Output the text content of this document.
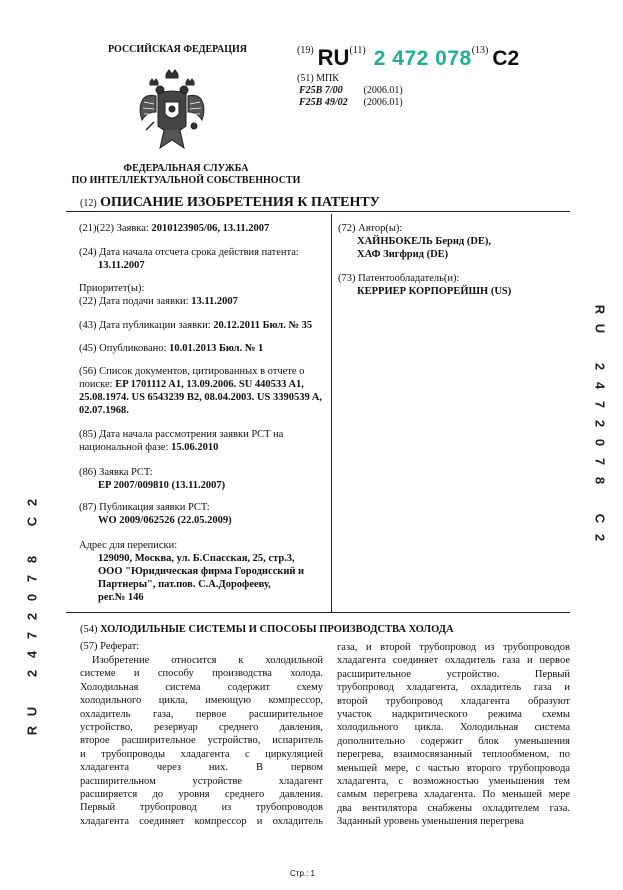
РОССИЙСКАЯ ФЕДЕРАЦИЯ
ФЕДЕРАЛЬНАЯ СЛУЖБА
ПО ИНТЕЛЛЕКТУАЛЬНОЙ СОБСТВЕННОСТИ
$^{(19)}$ RU$^{(11)}$ 2 472 078$^{(13)}$ C2
(51) МПК
F25B 7/00 (2006.01)
F25B 49/02 (2006.01)
(12) ОПИСАНИЕ ИЗОБРЕТЕНИЯ К ПАТЕНТУ
(21)(22) Заявка: 2010123905/06, 13.11.2007
(24) Дата начала отсчета срока действия патента:
13.11.2007
Приоритет(ы):
(22) Дата подачи заявки: 13.11.2007
(43) Дата публикации заявки: 20.12.2011 Бюл. № 35
(45) Опубликовано: 10.01.2013 Бюл. № 1
(56) Список документов, цитированных в отчете о поиске: EP 1701112 A1, 13.09.2006. SU 440533 A1, 25.08.1974. US 6543239 B2, 08.04.2003. US 3390539 A, 02.07.1968.
(85) Дата начала рассмотрения заявки PCT на национальной фазе: 15.06.2010
(86) Заявка PCT:
EP 2007/009810 (13.11.2007)
(87) Публикация заявки PCT:
WO 2009/062526 (22.05.2009)
Адрес для переписки:
129090, Москва, ул. Б.Спасская, 25, стр.3,
ООО "Юридическая фирма Городисский и
Партнеры", пат.пов. С.А.Дорофееву,
рег.№ 146
(72) Автор(ы):
ХАЙНБОКЕЛЬ Бернд (DE),
ХАФ Зигфрид (DE)
(73) Патентообладатель(и):
КЕРРИЕР КОРПОРЕЙШН (US)
R
U
2
4
7
2
0
7
8
C
2
2
C
8
7
0
2
7
4
2
U
R
(54) ХОЛОДИЛЬНЫЕ СИСТЕМЫ И СПОСОБЫ ПРОИЗВОДСТВА ХОЛОДА
(57) Реферат:
Изобретение относится к холодильной
системе и способу производства холода.
Холодильная система содержит схему
холодильного цикла, имеющую компрессор,
охладитель газа, первое расширительное
устройство, резервуар среднего давления,
второе расширительное устройство, испаритель
и трубопроводы хладагента с циркуляцией
хладагента через них. В первом
расширительном устройстве хладагент
расширяется до уровня среднего давления.
Первый трубопровод из трубопроводов
хладагента соединяет компрессор и охладитель
газа, и второй трубопровод из трубопроводов
хладагента соединяет охладитель газа и первое
расширительное устройство. Первый
трубопровод хладагента, охладитель газа и
второй трубопровод хладагента образуют
участок надкритического режима схемы
холодильного цикла. Холодильная система
дополнительно содержит блок уменьшения
перегрева, взаимосвязанный теплообменом, по
меньшей мере, с частью второго трубопровода
хладагента, с возможностью уменьшения тем
самым перегрева хладагента. По меньшей мере
два вентилятора снабжены охладителем газа.
Заданный уровень уменьшения перегрева
Стр.: 1
